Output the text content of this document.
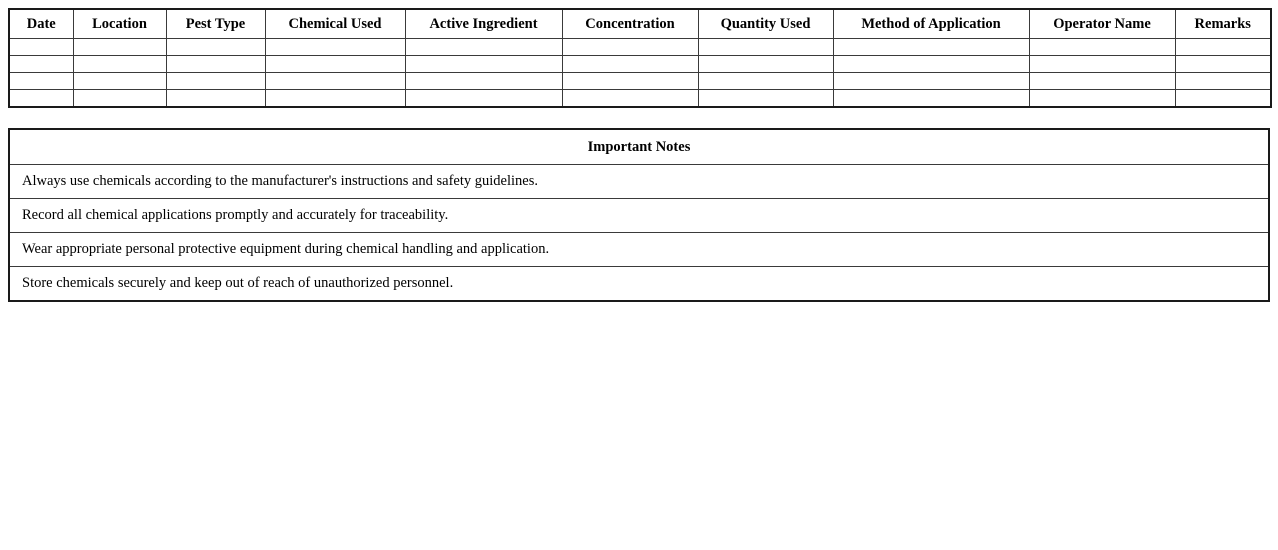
Date	Location	Pest Type	Chemical Used	Active Ingredient	Concentration	Quantity Used	Method of Application	Operator Name	Remarks

Important Notes
Always use chemicals according to the manufacturer's instructions and safety guidelines.
Record all chemical applications promptly and accurately for traceability.
Wear appropriate personal protective equipment during chemical handling and application.
Store chemicals securely and keep out of reach of unauthorized personnel.
